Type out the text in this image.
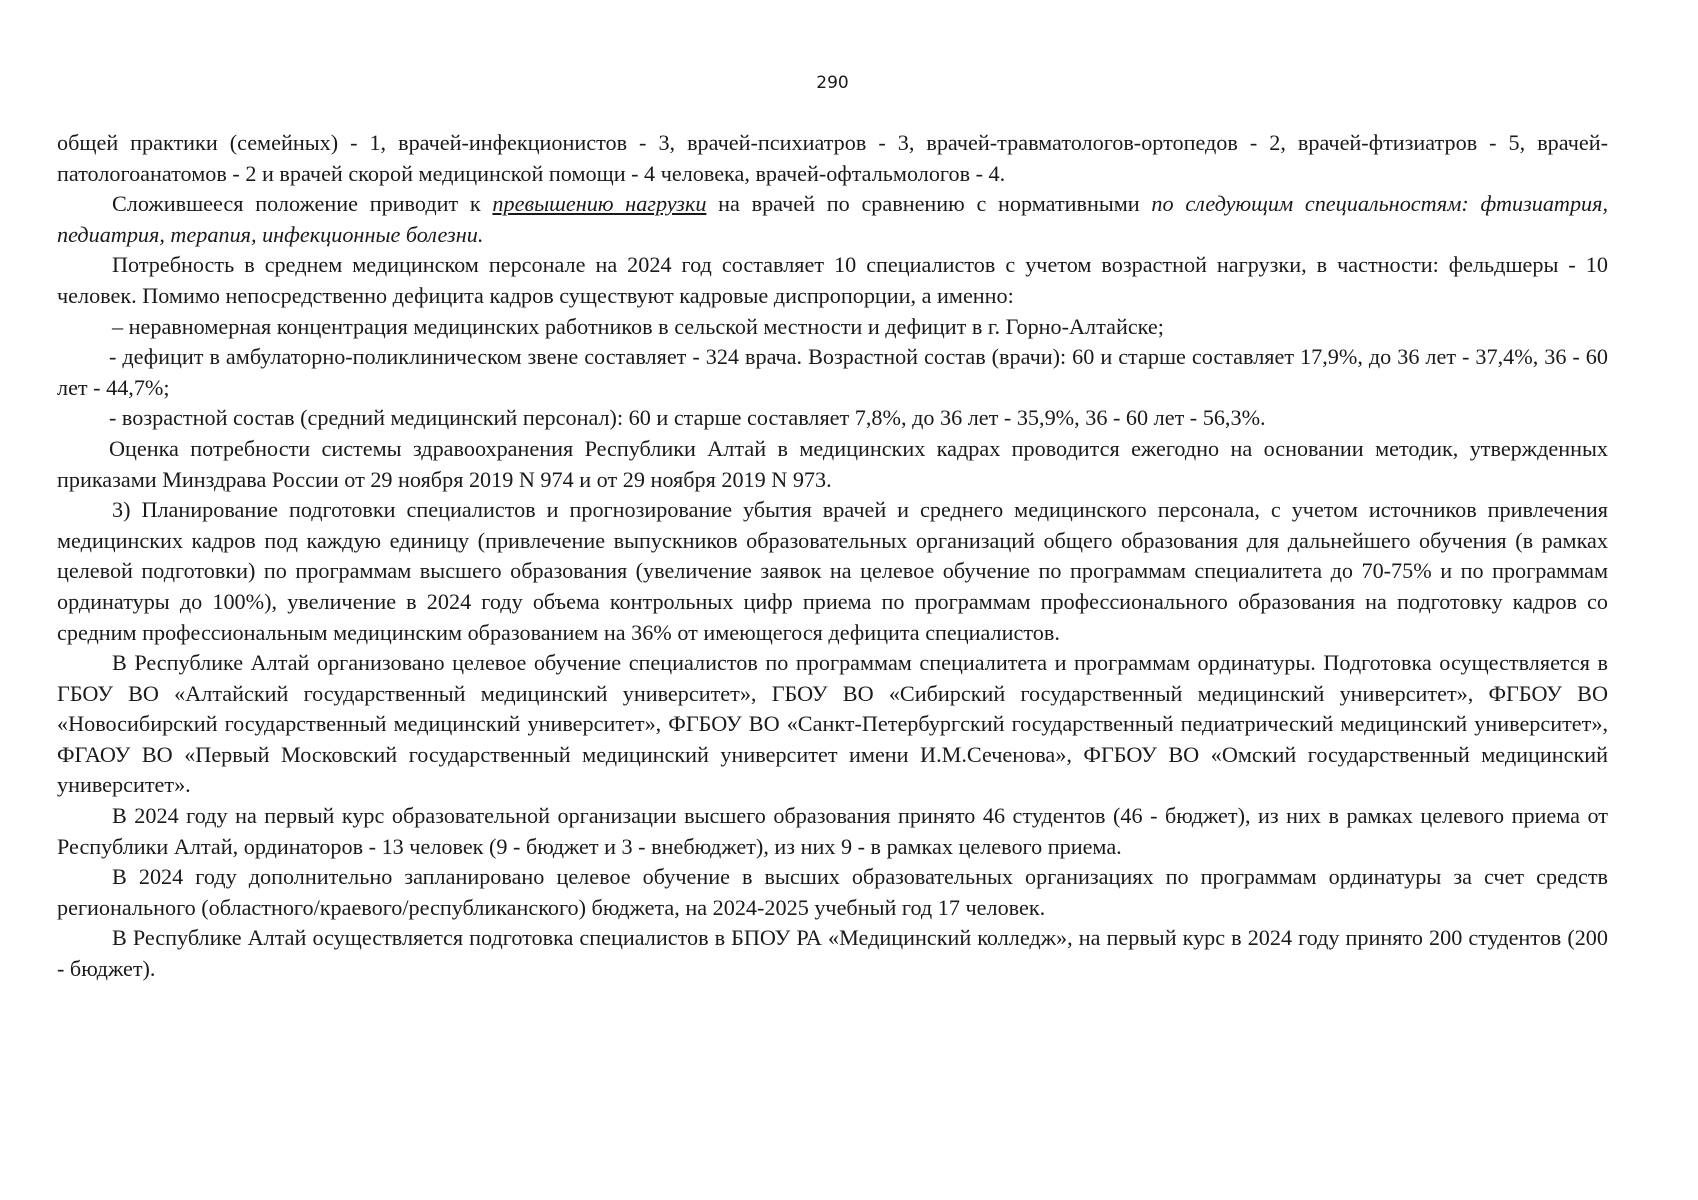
290

общей практики (семейных) - 1, врачей-инфекционистов - 3, врачей-психиатров - 3, врачей-травматологов-ортопедов - 2, врачей-фтизиатров - 5, врачей-патологоанатомов - 2 и врачей скорой медицинской помощи - 4 человека, врачей-офтальмологов - 4.

Сложившееся положение приводит к превышению нагрузки на врачей по сравнению с нормативными по следующим специальностям: фтизиатрия, педиатрия, терапия, инфекционные болезни.

Потребность в среднем медицинском персонале на 2024 год составляет 10 специалистов с учетом возрастной нагрузки, в частности: фельдшеры - 10 человек. Помимо непосредственно дефицита кадров существуют кадровые диспропорции, а именно:

– неравномерная концентрация медицинских работников в сельской местности и дефицит в г. Горно-Алтайске;

- дефицит в амбулаторно-поликлиническом звене составляет - 324 врача. Возрастной состав (врачи): 60 и старше составляет 17,9%, до 36 лет - 37,4%, 36 - 60 лет - 44,7%;

- возрастной состав (средний медицинский персонал): 60 и старше составляет 7,8%, до 36 лет - 35,9%, 36 - 60 лет - 56,3%.

Оценка потребности системы здравоохранения Республики Алтай в медицинских кадрах проводится ежегодно на основании методик, утвержденных приказами Минздрава России от 29 ноября 2019 N 974 и от 29 ноября 2019 N 973.

3) Планирование подготовки специалистов и прогнозирование убытия врачей и среднего медицинского персонала, с учетом источников привлечения медицинских кадров под каждую единицу (привлечение выпускников образовательных организаций общего образования для дальнейшего обучения (в рамках целевой подготовки) по программам высшего образования (увеличение заявок на целевое обучение по программам специалитета до 70-75% и по программам ординатуры до 100%), увеличение в 2024 году объема контрольных цифр приема по программам профессионального образования на подготовку кадров со средним профессиональным медицинским образованием на 36% от имеющегося дефицита специалистов.

В Республике Алтай организовано целевое обучение специалистов по программам специалитета и программам ординатуры. Подготовка осуществляется в ГБОУ ВО «Алтайский государственный медицинский университет», ГБОУ ВО «Сибирский государственный медицинский университет», ФГБОУ ВО «Новосибирский государственный медицинский университет», ФГБОУ ВО «Санкт-Петербургский государственный педиатрический медицинский университет», ФГАОУ ВО «Первый Московский государственный медицинский университет имени И.М.Сеченова», ФГБОУ ВО «Омский государственный медицинский университет».

В 2024 году на первый курс образовательной организации высшего образования принято 46 студентов (46 - бюджет), из них в рамках целевого приема от Республики Алтай, ординаторов - 13 человек (9 - бюджет и 3 - внебюджет), из них 9 - в рамках целевого приема.

В 2024 году дополнительно запланировано целевое обучение в высших образовательных организациях по программам ординатуры за счет средств регионального (областного/краевого/республиканского) бюджета, на 2024-2025 учебный год 17 человек.

В Республике Алтай осуществляется подготовка специалистов в БПОУ РА «Медицинский колледж», на первый курс в 2024 году принято 200 студентов (200 - бюджет).
